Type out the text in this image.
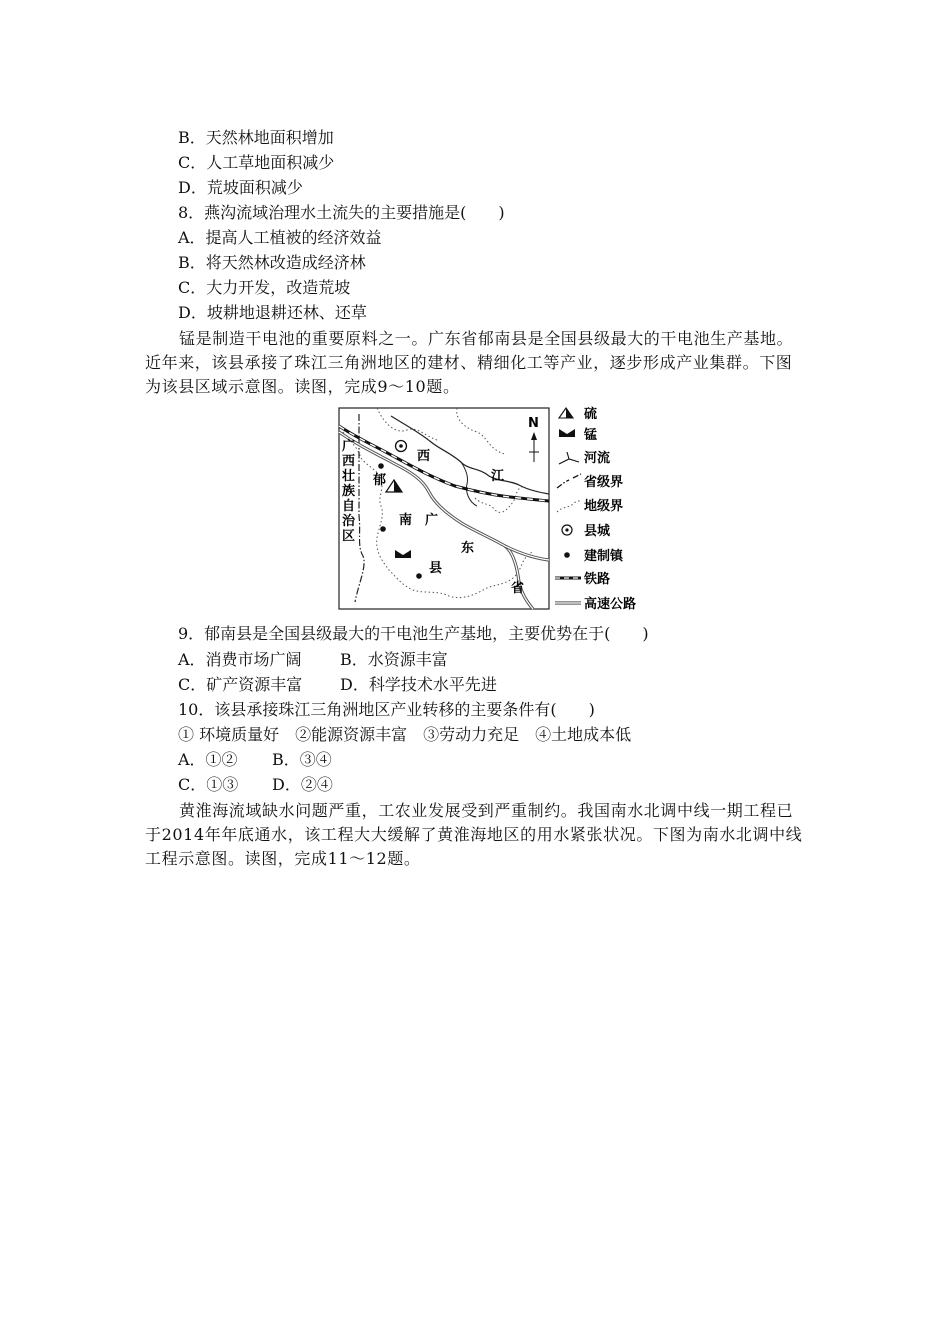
B．天然林地面积增加
C．人工草地面积减少
D．荒坡面积减少
8．燕沟流域治理水土流失的主要措施是(　　)
A．提高人工植被的经济效益
B．将天然林改造成经济林
C．大力开发，改造荒坡
D．坡耕地退耕还林、还草

锰是制造干电池的重要原料之一。广东省郁南县是全国县级最大的干电池生产基地。近年来，该县承接了珠江三角洲地区的建材、精细化工等产业，逐步形成产业集群。下图为该县区域示意图。读图，完成9～10题。

N
广
西
壮
族
自
治
区
西
江
郁
南
县
广
东
省
硫
锰
河流
省级界
地级界
县城
建制镇
铁路
高速公路
9．郁南县是全国县级最大的干电池生产基地，主要优势在于(　　)
A．消费市场广阔	B．水资源丰富
C．矿产资源丰富	D．科学技术水平先进
10．该县承接珠江三角洲地区产业转移的主要条件有(　　)
① 环境质量好　②能源资源丰富　③劳动力充足　④土地成本低
A．①②	B．③④
C．①③	D．②④

黄淮海流域缺水问题严重，工农业发展受到严重制约。我国南水北调中线一期工程已于2014年年底通水，该工程大大缓解了黄淮海地区的用水紧张状况。下图为南水北调中线工程示意图。读图，完成11～12题。
